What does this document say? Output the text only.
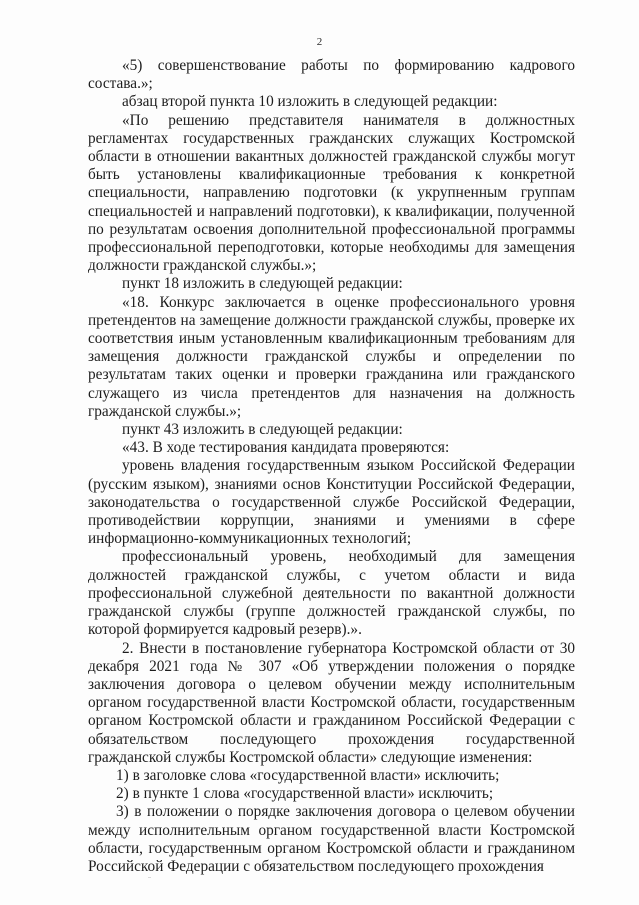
2

«5) совершенствование работы по формированию кадрового состава.»;

абзац второй пункта 10 изложить в следующей редакции:

«По решению представителя нанимателя в должностных регламентах государственных гражданских служащих Костромской области в отношении вакантных должностей гражданской службы могут быть установлены квалификационные требования к конкретной специальности, направлению подготовки (к укрупненным группам специальностей и направлений подготовки), к квалификации, полученной по результатам освоения дополнительной профессиональной программы профессиональной переподготовки, которые необходимы для замещения должности гражданской службы.»;

пункт 18 изложить в следующей редакции:

«18. Конкурс заключается в оценке профессионального уровня претендентов на замещение должности гражданской службы, проверке их соответствия иным установленным квалификационным требованиям для замещения должности гражданской службы и определении по результатам таких оценки и проверки гражданина или гражданского служащего из числа претендентов для назначения на должность гражданской службы.»;

пункт 43 изложить в следующей редакции:

«43. В ходе тестирования кандидата проверяются:

уровень владения государственным языком Российской Федерации (русским языком), знаниями основ Конституции Российской Федерации, законодательства о государственной службе Российской Федерации, противодействии коррупции, знаниями и умениями в сфере информационно-коммуникационных технологий;

профессиональный уровень, необходимый для замещения должностей гражданской службы, с учетом области и вида профессиональной служебной деятельности по вакантной должности гражданской службы (группе должностей гражданской службы, по которой формируется кадровый резерв).».

2. Внести в постановление губернатора Костромской области от 30 декабря 2021 года № 307 «Об утверждении положения о порядке заключения договора о целевом обучении между исполнительным органом государственной власти Костромской области, государственным органом Костромской области и гражданином Российской Федерации с обязательством последующего прохождения государственной гражданской службы Костромской области» следующие изменения:

1) в заголовке слова «государственной власти» исключить;

2) в пункте 1 слова «государственной власти» исключить;

3) в положении о порядке заключения договора о целевом обучении между исполнительным органом государственной власти Костромской области, государственным органом Костромской области и гражданином Российской Федерации с обязательством последующего прохождения
